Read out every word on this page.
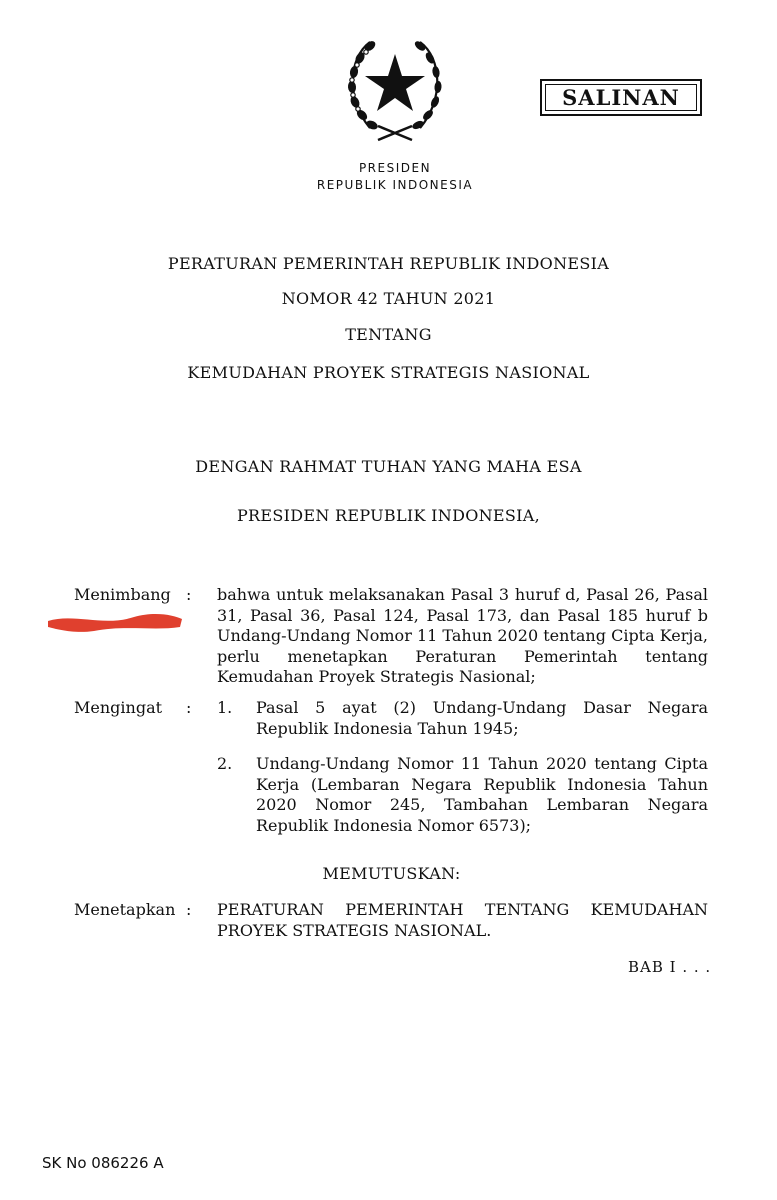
PRESIDEN
REPUBLIK INDONESIA
SALINAN
PERATURAN PEMERINTAH REPUBLIK INDONESIA
NOMOR 42 TAHUN 2021
TENTANG
KEMUDAHAN PROYEK STRATEGIS NASIONAL
DENGAN RAHMAT TUHAN YANG MAHA ESA
PRESIDEN REPUBLIK INDONESIA,
Menimbang : bahwa untuk melaksanakan Pasal 3 huruf d, Pasal 26, Pasal 31, Pasal 36, Pasal 124, Pasal 173, dan Pasal 185 huruf b Undang-Undang Nomor 11 Tahun 2020 tentang Cipta Kerja, perlu menetapkan Peraturan Pemerintah tentang Kemudahan Proyek Strategis Nasional;
Mengingat : 1. Pasal 5 ayat (2) Undang-Undang Dasar Negara Republik Indonesia Tahun 1945;
2. Undang-Undang Nomor 11 Tahun 2020 tentang Cipta Kerja (Lembaran Negara Republik Indonesia Tahun 2020 Nomor 245, Tambahan Lembaran Negara Republik Indonesia Nomor 6573);
MEMUTUSKAN:
Menetapkan : PERATURAN PEMERINTAH TENTANG KEMUDAHAN PROYEK STRATEGIS NASIONAL.
BAB I . . .
SK No 086226 A
